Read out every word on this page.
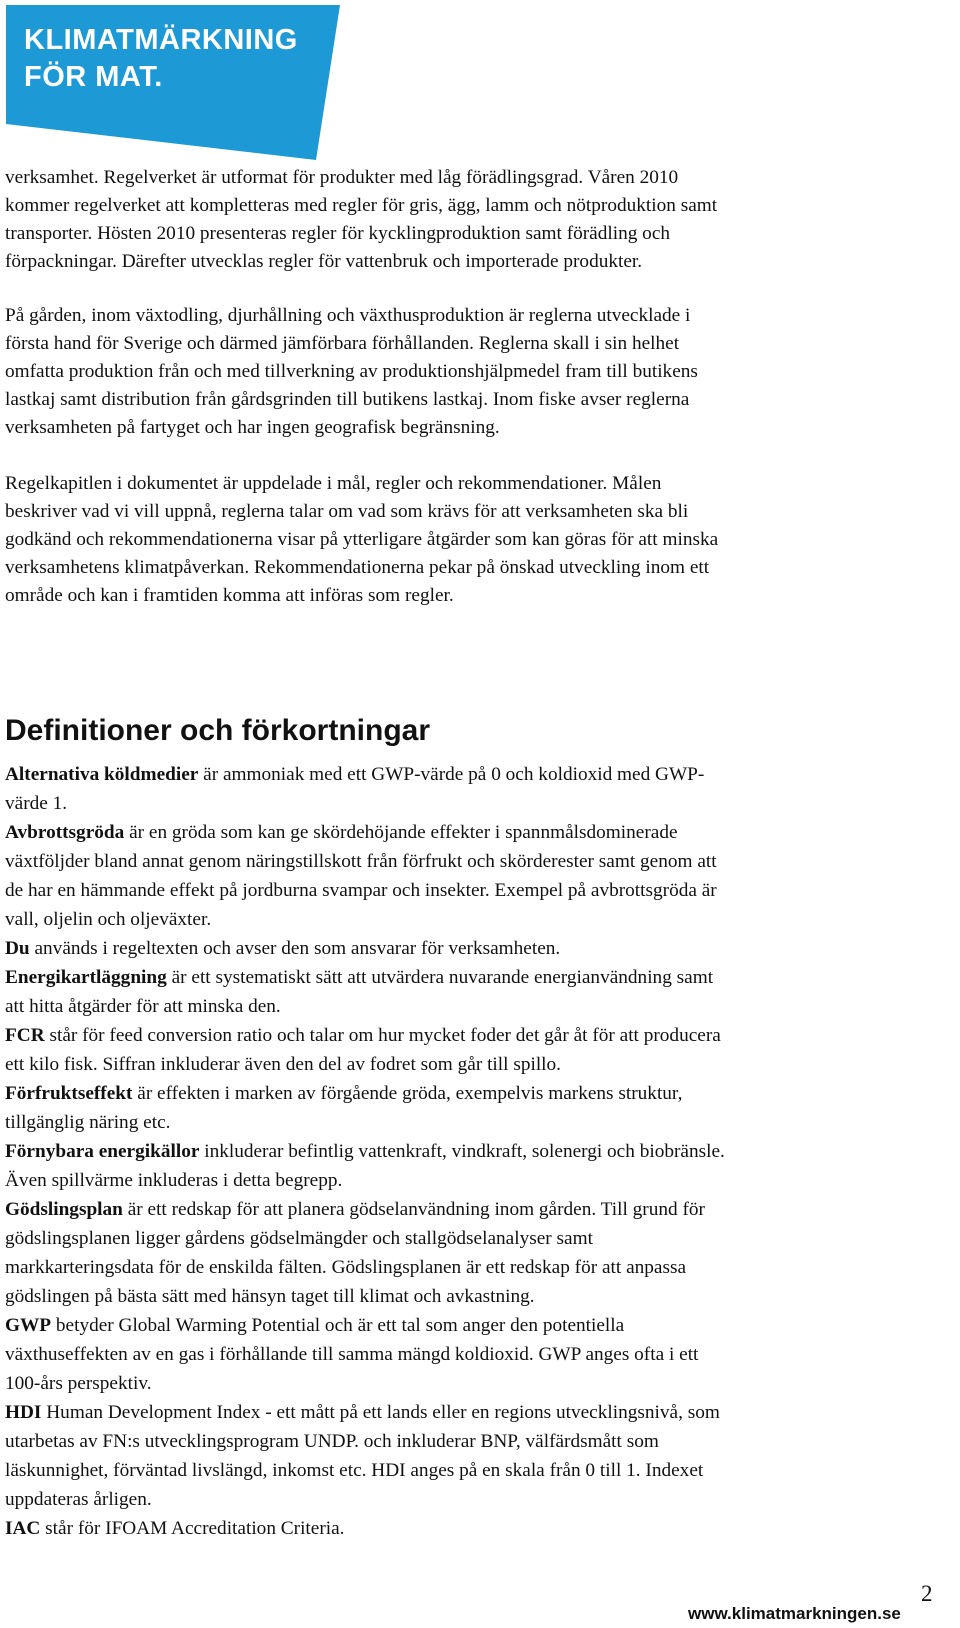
KLIMATMÄRKNING
FÖR MAT.
verksamhet. Regelverket är utformat för produkter med låg förädlingsgrad. Våren 2010
kommer regelverket att kompletteras med regler för gris, ägg, lamm och nötproduktion samt
transporter. Hösten 2010 presenteras regler för kycklingproduktion samt förädling och
förpackningar. Därefter utvecklas regler för vattenbruk och importerade produkter.
På gården, inom växtodling, djurhållning och växthusproduktion är reglerna utvecklade i
första hand för Sverige och därmed jämförbara förhållanden. Reglerna skall i sin helhet
omfatta produktion från och med tillverkning av produktionshjälpmedel fram till butikens
lastkaj samt distribution från gårdsgrinden till butikens lastkaj. Inom fiske avser reglerna
verksamheten på fartyget och har ingen geografisk begränsning.
Regelkapitlen i dokumentet är uppdelade i mål, regler och rekommendationer. Målen
beskriver vad vi vill uppnå, reglerna talar om vad som krävs för att verksamheten ska bli
godkänd och rekommendationerna visar på ytterligare åtgärder som kan göras för att minska
verksamhetens klimatpåverkan. Rekommendationerna pekar på önskad utveckling inom ett
område och kan i framtiden komma att införas som regler.
Definitioner och förkortningar
Alternativa köldmedier är ammoniak med ett GWP-värde på 0 och koldioxid med GWP-
värde 1.
Avbrottsgröda är en gröda som kan ge skördehöjande effekter i spannmålsdominerade
växtföljder bland annat genom näringstillskott från förfrukt och skörderester samt genom att
de har en hämmande effekt på jordburna svampar och insekter. Exempel på avbrottsgröda är
vall, oljelin och oljeväxter.
Du används i regeltexten och avser den som ansvarar för verksamheten.
Energikartläggning är ett systematiskt sätt att utvärdera nuvarande energianvändning samt
att hitta åtgärder för att minska den.
FCR står för feed conversion ratio och talar om hur mycket foder det går åt för att producera
ett kilo fisk. Siffran inkluderar även den del av fodret som går till spillo.
Förfruktseffekt är effekten i marken av förgående gröda, exempelvis markens struktur,
tillgänglig näring etc.
Förnybara energikällor inkluderar befintlig vattenkraft, vindkraft, solenergi och biobränsle.
Även spillvärme inkluderas i detta begrepp.
Gödslingsplan är ett redskap för att planera gödselanvändning inom gården. Till grund för
gödslingsplanen ligger gårdens gödselmängder och stallgödselanalyser samt
markkarteringsdata för de enskilda fälten. Gödslingsplanen är ett redskap för att anpassa
gödslingen på bästa sätt med hänsyn taget till klimat och avkastning.
GWP betyder Global Warming Potential och är ett tal som anger den potentiella
växthuseffekten av en gas i förhållande till samma mängd koldioxid. GWP anges ofta i ett
100-års perspektiv.
HDI Human Development Index - ett mått på ett lands eller en regions utvecklingsnivå, som
utarbetas av FN:s utvecklingsprogram UNDP. och inkluderar BNP, välfärdsmått som
läskunnighet, förväntad livslängd, inkomst etc. HDI anges på en skala från 0 till 1. Indexet
uppdateras årligen.
IAC står för IFOAM Accreditation Criteria.
2
www.klimatmarkningen.se
